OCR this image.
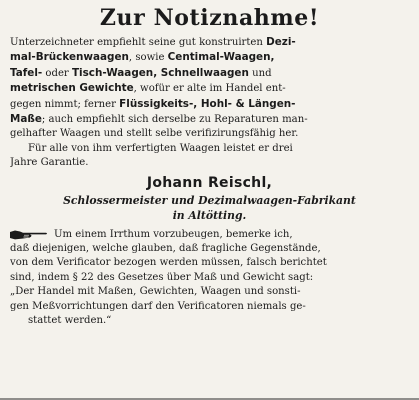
Zur Notiznahme!
Unterzeichneter empfiehlt seine gut konstruirten Dezi-
mal-Brückenwaagen, sowie Centimal-Waagen,
Tafel- oder Tisch-Waagen, Schnellwaagen und
metrischen Gewichte, wofür er alte im Handel ent-
gegen nimmt; ferner Flüssigkeits-, Hohl- & Längen-
Maße; auch empfiehlt sich derselbe zu Reparaturen man-
gelhafter Waagen und stellt selbe verifizirungsfähig her.
Für alle von ihm verfertigten Waagen leistet er drei
Jahre Garantie.
Johann Reischl,
Schlossermeister und Dezimalwaagen-Fabrikant
in Altötting.
Um einem Irrthum vorzubeugen, bemerke ich,
daß diejenigen, welche glauben, daß fragliche Gegenstände,
von dem Verificator bezogen werden müssen, falsch berichtet
sind, indem § 22 des Gesetzes über Maß und Gewicht sagt:
„Der Handel mit Maßen, Gewichten, Waagen und sonsti-
gen Meßvorrichtungen darf den Verificatoren niemals ge-
stattet werden.“
